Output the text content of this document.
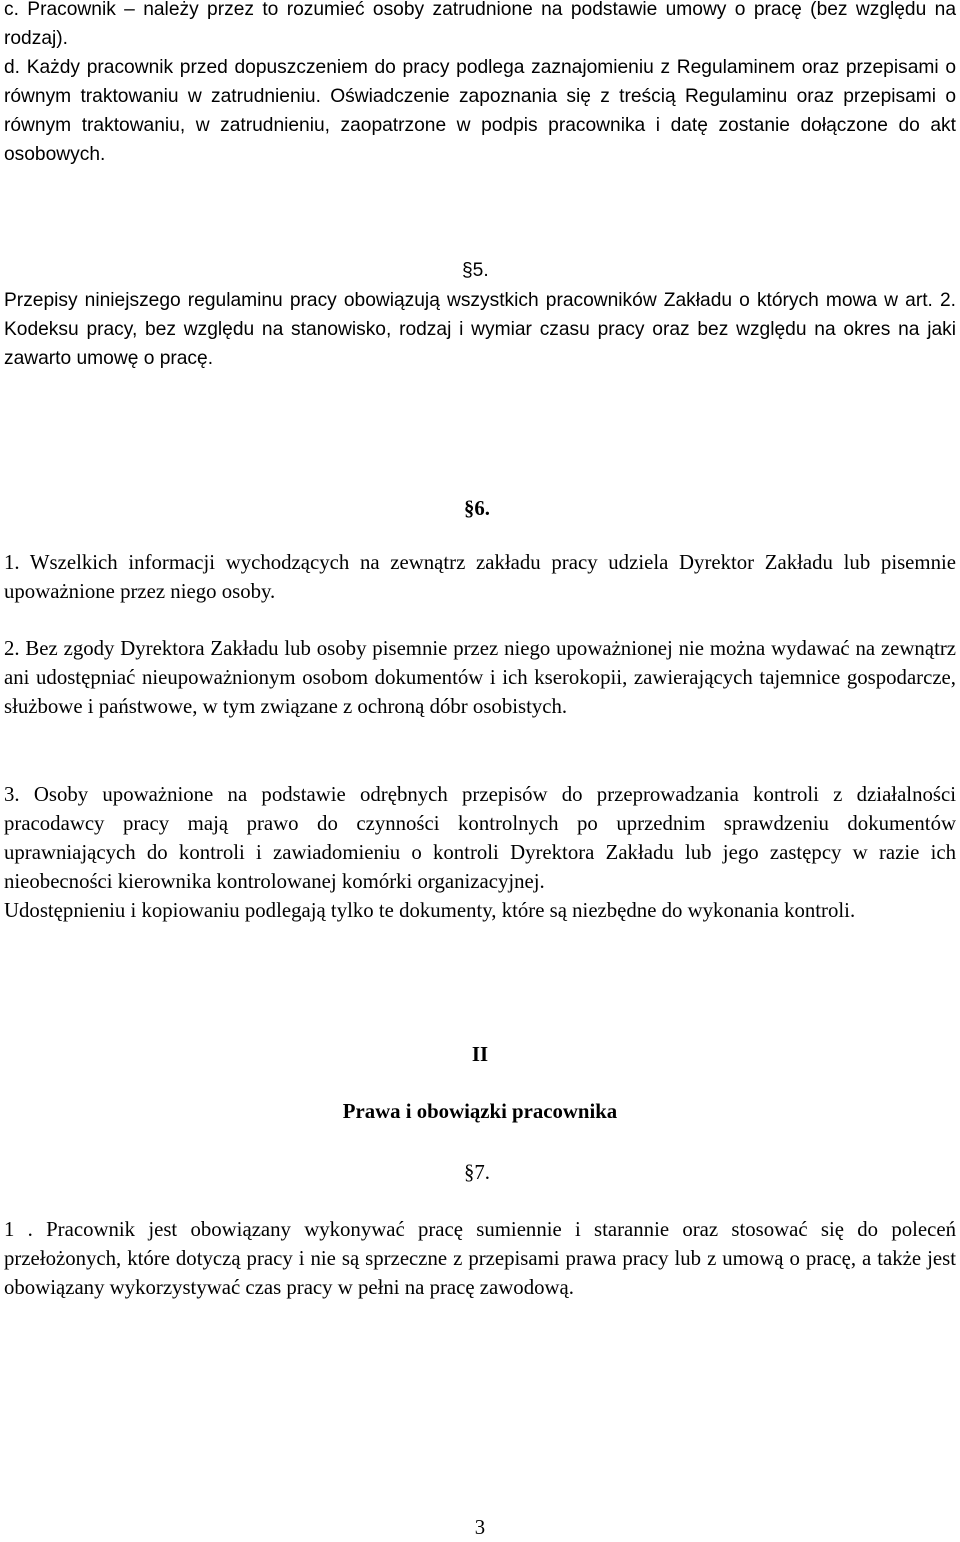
c. Pracownik – należy przez to rozumieć osoby zatrudnione na podstawie umowy o pracę (bez względu na rodzaj).

d. Każdy pracownik przed dopuszczeniem do pracy podlega zaznajomieniu z Regulaminem oraz przepisami o równym traktowaniu w zatrudnieniu. Oświadczenie zapoznania się z treścią Regulaminu oraz przepisami o równym traktowaniu, w zatrudnieniu, zaopatrzone w podpis pracownika i datę zostanie dołączone do akt osobowych.

§5.

Przepisy niniejszego regulaminu pracy obowiązują wszystkich pracowników Zakładu o których mowa w art. 2. Kodeksu pracy, bez względu na stanowisko, rodzaj i wymiar czasu pracy oraz bez względu na okres na jaki zawarto umowę o pracę.

§6.

1. Wszelkich informacji wychodzących na zewnątrz zakładu pracy udziela Dyrektor Zakładu lub pisemnie upoważnione przez niego osoby.

2. Bez zgody Dyrektora Zakładu lub osoby pisemnie przez niego upoważnionej nie można wydawać na zewnątrz ani udostępniać nieupoważnionym osobom dokumentów i ich kserokopii, zawierających tajemnice gospodarcze, służbowe i państwowe, w tym związane z ochroną dóbr osobistych.

3. Osoby upoważnione na podstawie odrębnych przepisów do przeprowadzania kontroli z działalności pracodawcy pracy mają prawo do czynności kontrolnych po uprzednim sprawdzeniu dokumentów uprawniających do kontroli i zawiadomieniu o kontroli Dyrektora Zakładu lub jego zastępcy w razie ich nieobecności kierownika kontrolowanej komórki organizacyjnej.

Udostępnieniu i kopiowaniu podlegają tylko te dokumenty, które są niezbędne do wykonania kontroli.

II
Prawa i obowiązki pracownika
§7.

1 . Pracownik jest obowiązany wykonywać pracę sumiennie i starannie oraz stosować się do poleceń przełożonych, które dotyczą pracy i nie są sprzeczne z przepisami prawa pracy lub z umową o pracę, a także jest obowiązany wykorzystywać czas pracy w pełni na pracę zawodową.

3
